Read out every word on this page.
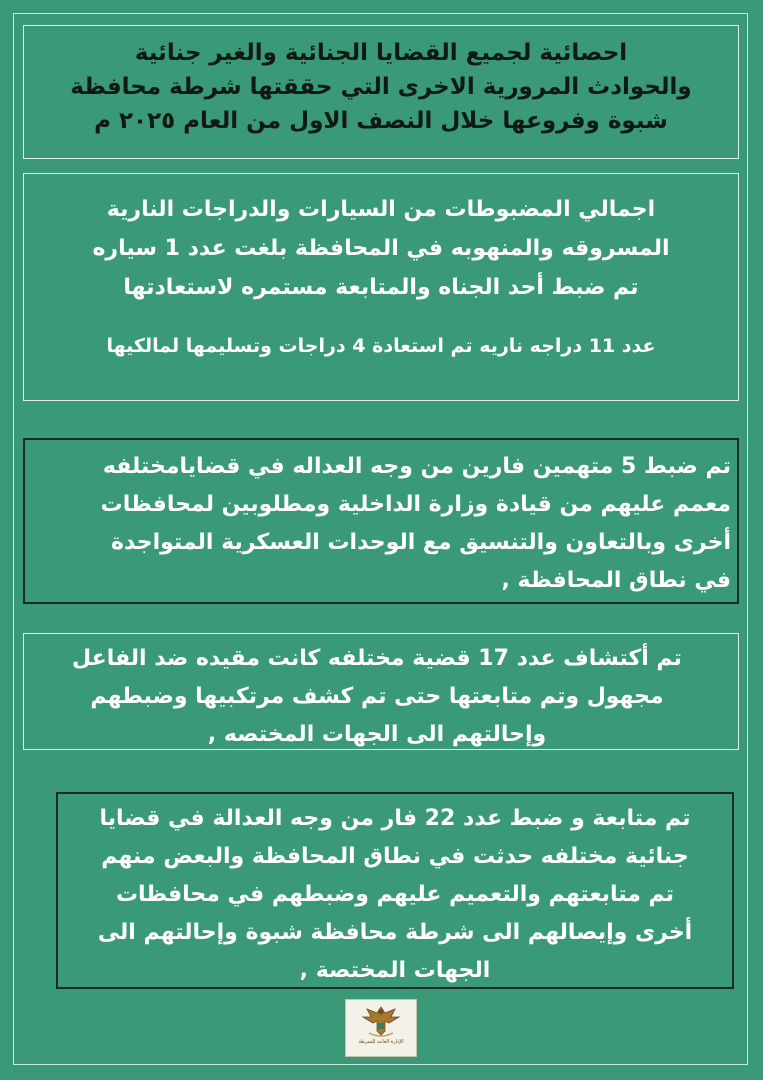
احصائية لجميع القضايا الجنائية والغير جنائية
والحوادث المرورية الاخرى التي حققتها شرطة محافظة
شبوة وفروعها خلال النصف الاول من العام ٢٠٢٥ م
اجمالي المضبوطات من السيارات والدراجات النارية
المسروقه والمنهوبه في المحافظة بلغت عدد 1 سياره
تم ضبط أحد الجناه والمتابعة مستمره لاستعادتها
عدد 11 دراجه ناريه تم استعادة 4 دراجات وتسليمها لمالكيها
تم ضبط 5 متهمين فارين من وجه العداله في قضايامختلفه
معمم عليهم من قيادة وزارة الداخلية ومطلوبين لمحافظات
أخرى وبالتعاون والتنسيق مع الوحدات العسكرية المتواجدة
في نطاق المحافظة ,
تم أكتشاف عدد 17 قضية مختلفه كانت مقيده ضد الفاعل
مجهول وتم متابعتها حتى تم كشف مرتكبيها وضبطهم
وإحالتهم الى الجهات المختصه ,
تم متابعة و ضبط عدد 22 فار من وجه العدالة في قضايا
جنائية مختلفه حدثت في نطاق المحافظة والبعض منهم
تم متابعتهم والتعميم عليهم وضبطهم في محافظات
أخرى وإيصالهم الى شرطة محافظة شبوة وإحالتهم الى
الجهات المختصة ,
الإدارة العامة للشرطة
